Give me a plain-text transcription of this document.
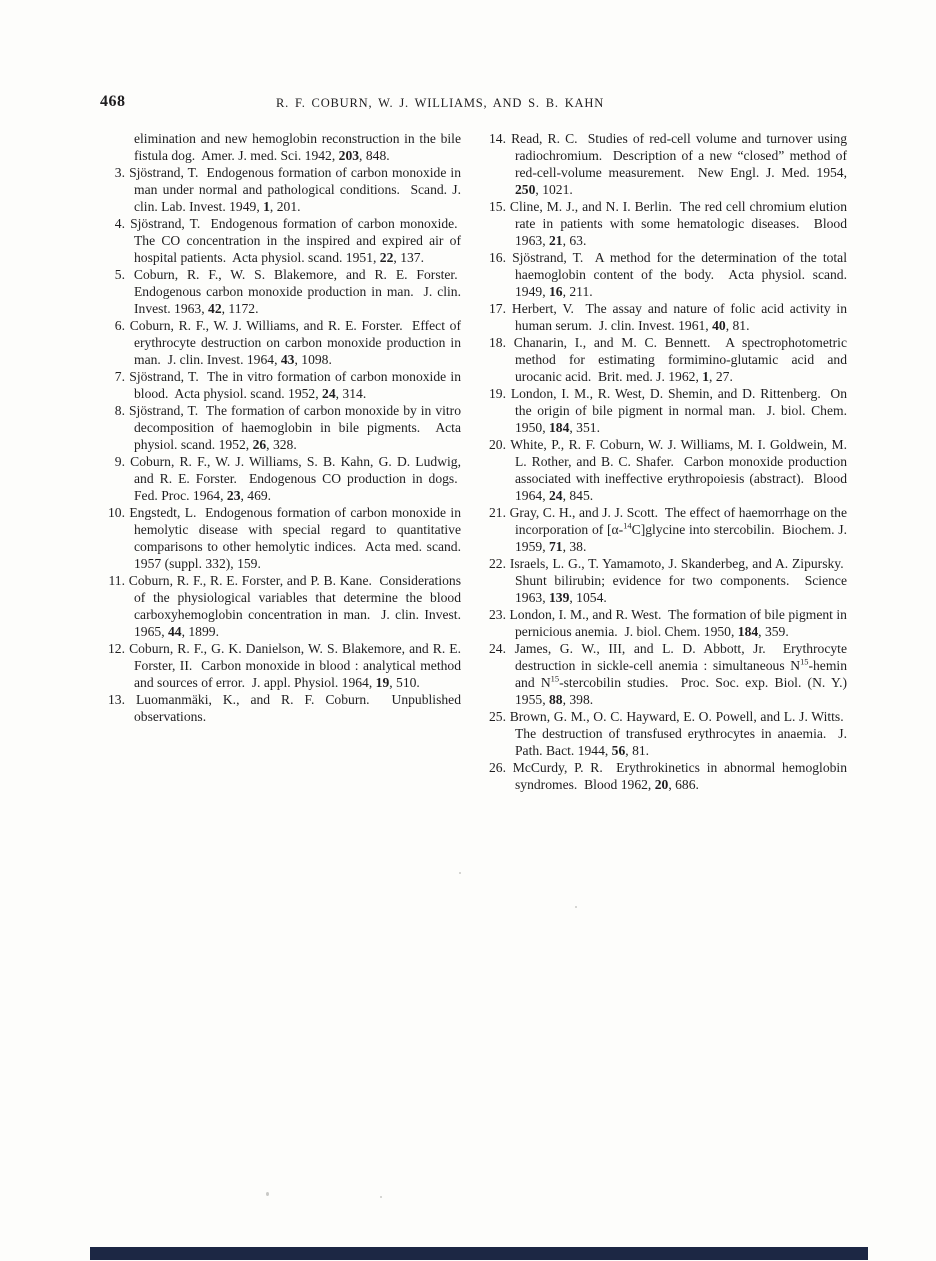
468	R. F. COBURN, W. J. WILLIAMS, AND S. B. KAHN
elimination and new hemoglobin reconstruction in the bile fistula dog.  Amer. J. med. Sci. 1942, 203, 848.
3. Sjöstrand, T.  Endogenous formation of carbon monoxide in man under normal and pathological conditions.  Scand. J. clin. Lab. Invest. 1949, 1, 201.
4. Sjöstrand, T.  Endogenous formation of carbon monoxide.  The CO concentration in the inspired and expired air of hospital patients.  Acta physiol. scand. 1951, 22, 137.
5. Coburn, R. F., W. S. Blakemore, and R. E. Forster.  Endogenous carbon monoxide production in man.  J. clin. Invest. 1963, 42, 1172.
6. Coburn, R. F., W. J. Williams, and R. E. Forster.  Effect of erythrocyte destruction on carbon monoxide production in man.  J. clin. Invest. 1964, 43, 1098.
7. Sjöstrand, T.  The in vitro formation of carbon monoxide in blood.  Acta physiol. scand. 1952, 24, 314.
8. Sjöstrand, T.  The formation of carbon monoxide by in vitro decomposition of haemoglobin in bile pigments.  Acta physiol. scand. 1952, 26, 328.
9. Coburn, R. F., W. J. Williams, S. B. Kahn, G. D. Ludwig, and R. E. Forster.  Endogenous CO production in dogs.  Fed. Proc. 1964, 23, 469.
10. Engstedt, L.  Endogenous formation of carbon monoxide in hemolytic disease with special regard to quantitative comparisons to other hemolytic indices.  Acta med. scand. 1957 (suppl. 332), 159.
11. Coburn, R. F., R. E. Forster, and P. B. Kane.  Considerations of the physiological variables that determine the blood carboxyhemoglobin concentration in man.  J. clin. Invest. 1965, 44, 1899.
12. Coburn, R. F., G. K. Danielson, W. S. Blakemore, and R. E. Forster, II.  Carbon monoxide in blood : analytical method and sources of error.  J. appl. Physiol. 1964, 19, 510.
13. Luomanmäki, K., and R. F. Coburn.  Unpublished observations.
14. Read, R. C.  Studies of red-cell volume and turnover using radiochromium.  Description of a new “closed” method of red-cell-volume measurement.  New Engl. J. Med. 1954, 250, 1021.
15. Cline, M. J., and N. I. Berlin.  The red cell chromium elution rate in patients with some hematologic diseases.  Blood 1963, 21, 63.
16. Sjöstrand, T.  A method for the determination of the total haemoglobin content of the body.  Acta physiol. scand. 1949, 16, 211.
17. Herbert, V.  The assay and nature of folic acid activity in human serum.  J. clin. Invest. 1961, 40, 81.
18. Chanarin, I., and M. C. Bennett.  A spectrophotometric method for estimating formimino-glutamic acid and urocanic acid.  Brit. med. J. 1962, 1, 27.
19. London, I. M., R. West, D. Shemin, and D. Rittenberg.  On the origin of bile pigment in normal man.  J. biol. Chem. 1950, 184, 351.
20. White, P., R. F. Coburn, W. J. Williams, M. I. Goldwein, M. L. Rother, and B. C. Shafer.  Carbon monoxide production associated with ineffective erythropoiesis (abstract).  Blood 1964, 24, 845.
21. Gray, C. H., and J. J. Scott.  The effect of haemorrhage on the incorporation of [α-$^{14}$C]glycine into stercobilin.  Biochem. J. 1959, 71, 38.
22. Israels, L. G., T. Yamamoto, J. Skanderbeg, and A. Zipursky.  Shunt bilirubin; evidence for two components.  Science 1963, 139, 1054.
23. London, I. M., and R. West.  The formation of bile pigment in pernicious anemia.  J. biol. Chem. 1950, 184, 359.
24. James, G. W., III, and L. D. Abbott, Jr.  Erythrocyte destruction in sickle-cell anemia : simultaneous $N^{15}$-hemin and $N^{15}$-stercobilin studies.  Proc. Soc. exp. Biol. (N. Y.) 1955, 88, 398.
25. Brown, G. M., O. C. Hayward, E. O. Powell, and L. J. Witts.  The destruction of transfused erythrocytes in anaemia.  J. Path. Bact. 1944, 56, 81.
26. McCurdy, P. R.  Erythrokinetics in abnormal hemoglobin syndromes.  Blood 1962, 20, 686.
